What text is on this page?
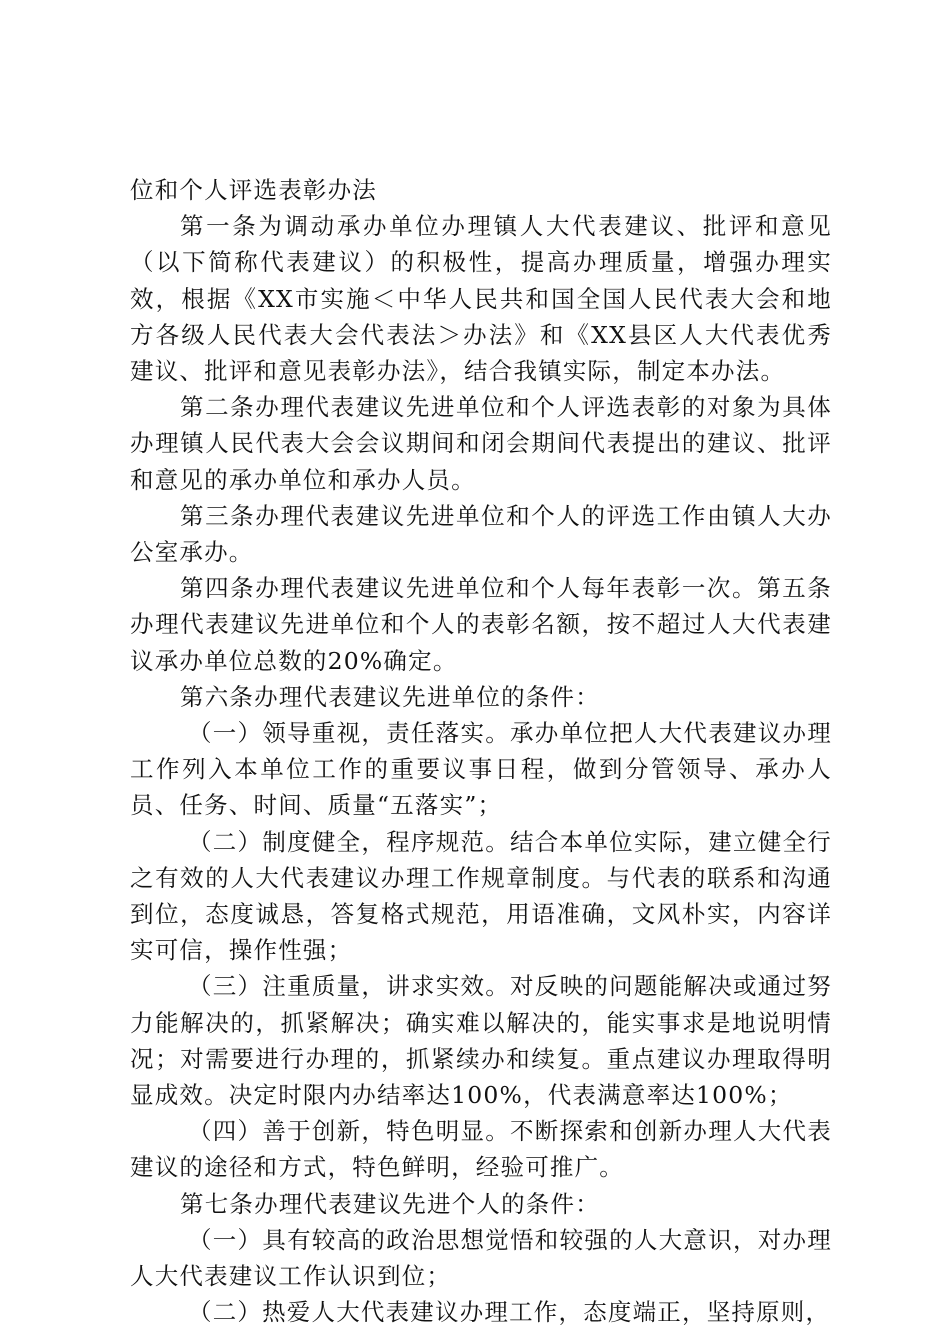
位和个人评选表彰办法

第一条为调动承办单位办理镇人大代表建议、批评和意见（以下简称代表建议）的积极性，提高办理质量，增强办理实效，根据《XX市实施＜中华人民共和国全国人民代表大会和地方各级人民代表大会代表法＞办法》和《XX县区人大代表优秀建议、批评和意见表彰办法》，结合我镇实际，制定本办法。

第二条办理代表建议先进单位和个人评选表彰的对象为具体办理镇人民代表大会会议期间和闭会期间代表提出的建议、批评和意见的承办单位和承办人员。

第三条办理代表建议先进单位和个人的评选工作由镇人大办公室承办。

第四条办理代表建议先进单位和个人每年表彰一次。第五条办理代表建议先进单位和个人的表彰名额，按不超过人大代表建议承办单位总数的20%确定。

第六条办理代表建议先进单位的条件：

（一）领导重视，责任落实。承办单位把人大代表建议办理工作列入本单位工作的重要议事日程，做到分管领导、承办人员、任务、时间、质量“五落实”；

（二）制度健全，程序规范。结合本单位实际，建立健全行之有效的人大代表建议办理工作规章制度。与代表的联系和沟通到位，态度诚恳，答复格式规范，用语准确，文风朴实，内容详实可信，操作性强；

（三）注重质量，讲求实效。对反映的问题能解决或通过努力能解决的，抓紧解决；确实难以解决的，能实事求是地说明情况；对需要进行办理的，抓紧续办和续复。重点建议办理取得明显成效。决定时限内办结率达100%，代表满意率达100%；

（四）善于创新，特色明显。不断探索和创新办理人大代表建议的途径和方式，特色鲜明，经验可推广。

第七条办理代表建议先进个人的条件：

（一）具有较高的政治思想觉悟和较强的人大意识，对办理人大代表建议工作认识到位；

（二）热爱人大代表建议办理工作，态度端正，坚持原则，
